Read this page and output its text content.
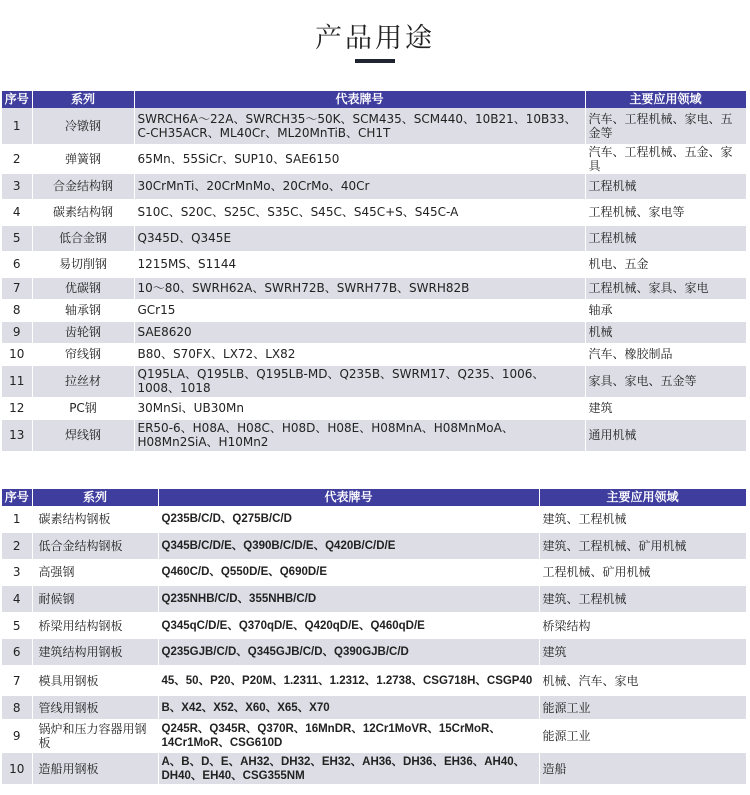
产品用途
序号	系列	代表牌号	主要应用领域
1	冷镦钢	SWRCH6A～22A、SWRCH35～50K、SCM435、SCM440、10B21、10B33、C-CH35ACR、ML40Cr、ML20MnTiB、CH1T	汽车、工程机械、家电、五金等
2	弹簧钢	65Mn、55SiCr、SUP10、SAE6150	汽车、工程机械、五金、家具
3	合金结构钢	30CrMnTi、20CrMnMo、20CrMo、40Cr	工程机械
4	碳素结构钢	S10C、S20C、S25C、S35C、S45C、S45C+S、S45C-A	工程机械、家电等
5	低合金钢	Q345D、Q345E	工程机械
6	易切削钢	1215MS、S1144	机电、五金
7	优碳钢	10～80、SWRH62A、SWRH72B、SWRH77B、SWRH82B	工程机械、家具、家电
8	轴承钢	GCr15	轴承
9	齿轮钢	SAE8620	机械
10	帘线钢	B80、S70FX、LX72、LX82	汽车、橡胶制品
11	拉丝材	Q195LA、Q195LB、Q195LB-MD、Q235B、SWRM17、Q235、1006、1008、1018	家具、家电、五金等
12	PC钢	30MnSi、UB30Mn	建筑
13	焊线钢	ER50-6、H08A、H08C、H08D、H08E、H08MnA、H08MnMoA、H08Mn2SiA、H10Mn2	通用机械
序号	系列	代表牌号	主要应用领域
1	碳素结构钢板	Q235B/C/D、Q275B/C/D	建筑、工程机械
2	低合金结构钢板	Q345B/C/D/E、Q390B/C/D/E、Q420B/C/D/E	建筑、工程机械、矿用机械
3	高强钢	Q460C/D、Q550D/E、Q690D/E	工程机械、矿用机械
4	耐候钢	Q235NHB/C/D、355NHB/C/D	建筑、工程机械
5	桥梁用结构钢板	Q345qC/D/E、Q370qD/E、Q420qD/E、Q460qD/E	桥梁结构
6	建筑结构用钢板	Q235GJB/C/D、Q345GJB/C/D、Q390GJB/C/D	建筑
7	模具用钢板	45、50、P20、P20M、1.2311、1.2312、1.2738、CSG718H、CSGP40	机械、汽车、家电
8	管线用钢板	B、X42、X52、X60、X65、X70	能源工业
9	锅炉和压力容器用钢板	Q245R、Q345R、Q370R、16MnDR、12Cr1MoVR、15CrMoR、14Cr1MoR、CSG610D	能源工业
10	造船用钢板	A、B、D、E、AH32、DH32、EH32、AH36、DH36、EH36、AH40、DH40、EH40、CSG355NM	造船
